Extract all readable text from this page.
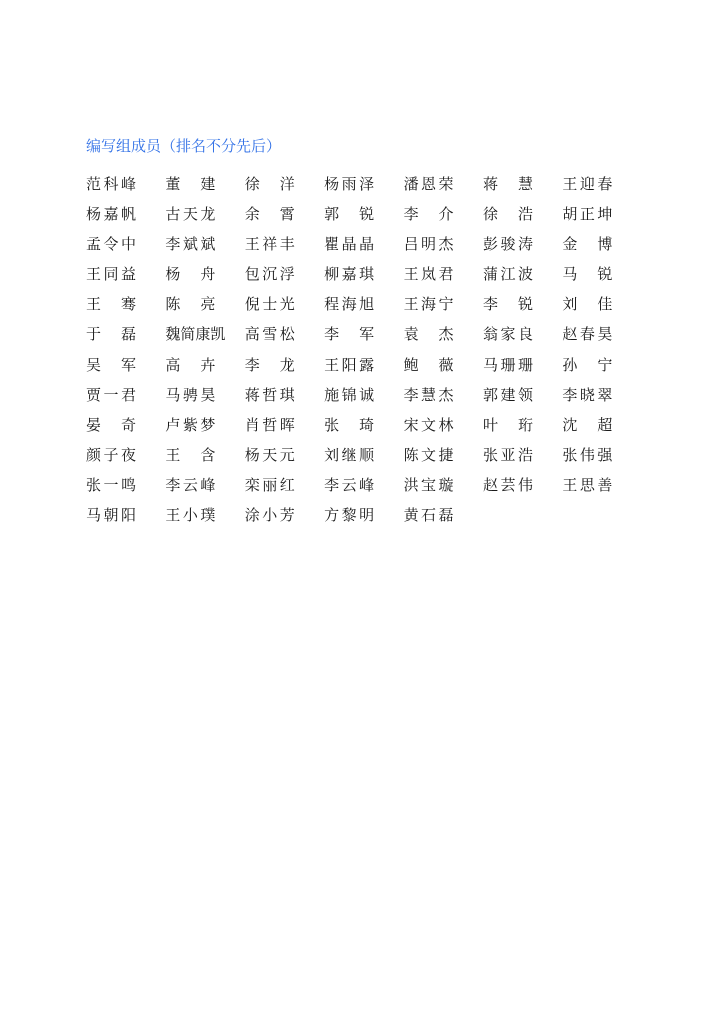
编写组成员（排名不分先后）
范科峰 董　建 徐　洋 杨雨泽 潘恩荣 蒋　慧 王迎春
杨嘉帆 古天龙 余　霄 郭　锐 李　介 徐　浩 胡正坤
孟令中 李斌斌 王祥丰 瞿晶晶 吕明杰 彭骏涛 金　博
王同益 杨　舟 包沉浮 柳嘉琪 王岚君 蒲江波 马　锐
王　骞 陈　亮 倪士光 程海旭 王海宁 李　锐 刘　佳
于　磊 魏简康凯	高雪松 李　军 袁　杰 翁家良 赵春昊
吴　军 高　卉 李　龙 王阳露 鲍　薇 马珊珊 孙　宁
贾一君 马骋昊 蒋哲琪 施锦诚 李慧杰 郭建领 李晓翠
晏　奇 卢紫梦 肖哲晖 张　琦 宋文林 叶　珩 沈　超
颜子夜 王　含 杨天元 刘继顺 陈文捷 张亚浩 张伟强
张一鸣 李云峰 栾丽红 李云峰 洪宝璇 赵芸伟 王思善
马朝阳 王小璞 涂小芳 方黎明 黄石磊
